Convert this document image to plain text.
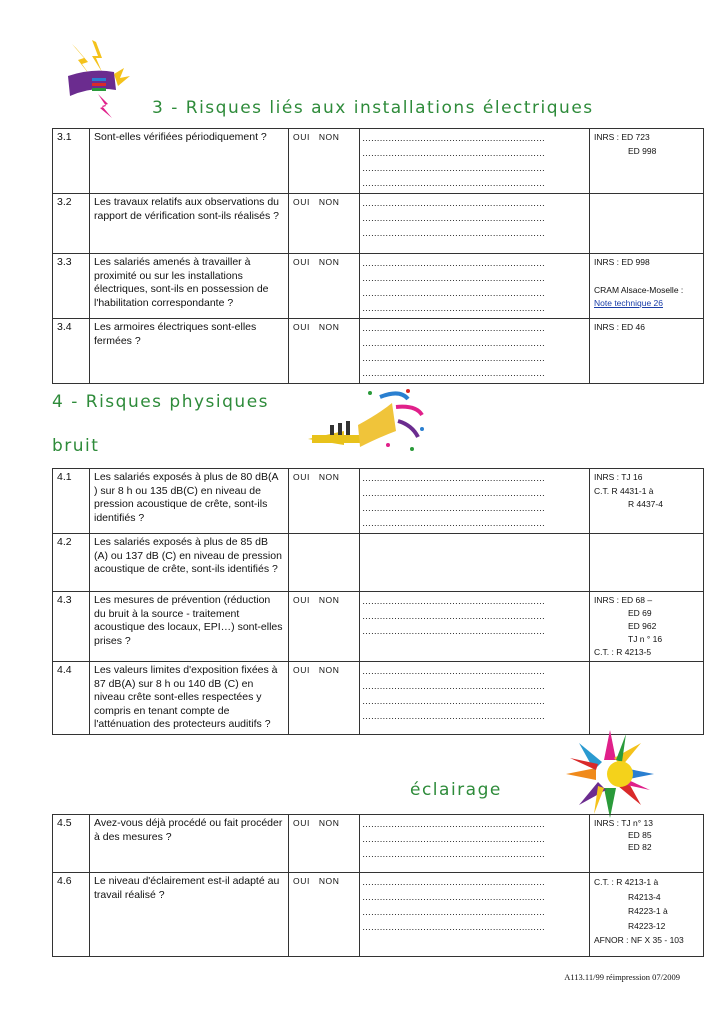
3 - Risques liés aux installations électriques
3.1	Sont-elles vérifiées périodiquement ?	OUI NON	………………………………………………………
………………………………………………………
………………………………………………………
………………………………………………………	INRS : ED 723
ED 998

3.2	Les travaux relatifs aux observations du rapport de vérification sont-ils réalisés ?	OUI NON	………………………………………………………
………………………………………………………
………………………………………………………	

3.3	Les salariés amenés à travailler à proximité ou sur les installations électriques, sont-ils en possession de l'habilitation correspondante ?	OUI NON	………………………………………………………
………………………………………………………
………………………………………………………
………………………………………………………	INRS : ED 998
CRAM Alsace-Moselle :
Note technique 26

3.4	Les armoires électriques sont-elles fermées ?	OUI NON	………………………………………………………
………………………………………………………
………………………………………………………
………………………………………………………	INRS : ED 46
4 - Risques physiques
bruit
4.1	Les salariés exposés à plus de 80 dB(A ) sur 8 h ou 135 dB(C) en niveau de pression acoustique de crête, sont-ils identifiés ?	OUI NON	………………………………………………………
………………………………………………………
………………………………………………………
………………………………………………………	INRS : TJ 16
C.T. R 4431-1 à
R 4437-4

4.2	Les salariés exposés à plus de 85 dB (A) ou 137 dB (C) en niveau de pression acoustique de crête, sont-ils identifiés ?			
4.3	Les mesures de prévention (réduction du bruit à la source - traitement acoustique des locaux, EPI…) sont-elles prises ?	OUI NON	………………………………………………………
………………………………………………………
………………………………………………………	INRS : ED 68 –
ED 69
ED 962
TJ n ° 16
C.T. : R 4213-5

4.4	Les valeurs limites d'exposition fixées à 87 dB(A) sur 8 h ou 140 dB (C) en niveau crête sont-elles respectées y compris en tenant compte de l'atténuation des protecteurs auditifs ?	OUI NON	………………………………………………………
………………………………………………………
………………………………………………………
………………………………………………………	

éclairage
4.5	Avez-vous déjà procédé ou fait procéder à des mesures ?	OUI NON	………………………………………………………
………………………………………………………
………………………………………………………	INRS : TJ n° 13
ED 85
ED 82

4.6	Le niveau d'éclairement est-il adapté au travail réalisé ?	OUI NON	………………………………………………………
………………………………………………………
………………………………………………………
………………………………………………………	C.T. : R 4213-1 à
R4213-4
R4223-1 à
R4223-12
AFNOR : NF X 35 - 103
A113.11/99 réimpression 07/2009
